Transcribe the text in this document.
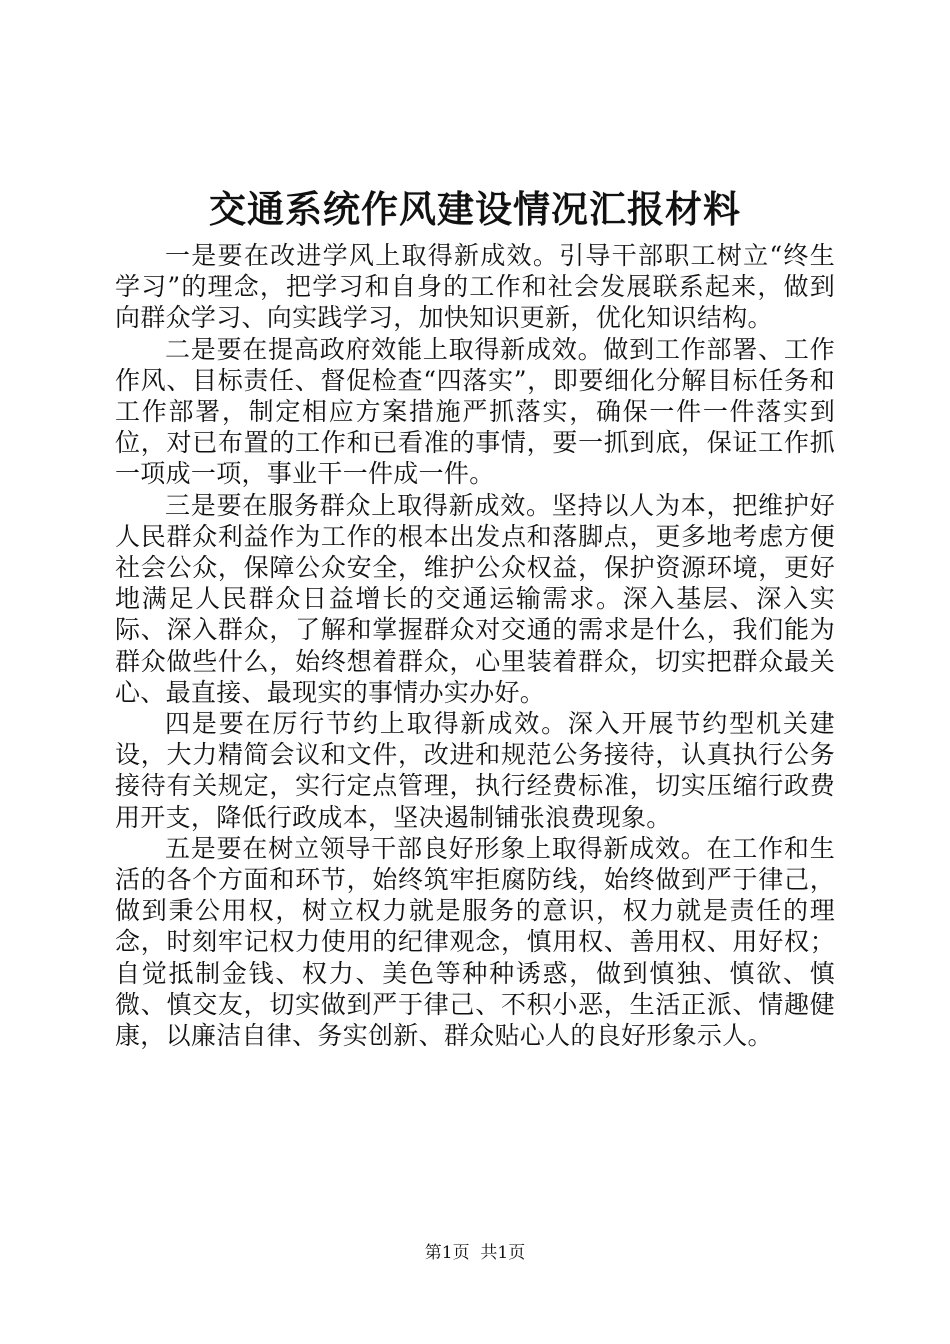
交通系统作风建设情况汇报材料

一是要在改进学风上取得新成效。引导干部职工树立“终生学习”的理念，把学习和自身的工作和社会发展联系起来，做到向群众学习、向实践学习，加快知识更新，优化知识结构。

二是要在提高政府效能上取得新成效。做到工作部署、工作作风、目标责任、督促检查“四落实”，即要细化分解目标任务和工作部署，制定相应方案措施严抓落实，确保一件一件落实到位，对已布置的工作和已看准的事情，要一抓到底，保证工作抓一项成一项，事业干一件成一件。

三是要在服务群众上取得新成效。坚持以人为本，把维护好人民群众利益作为工作的根本出发点和落脚点，更多地考虑方便社会公众，保障公众安全，维护公众权益，保护资源环境，更好地满足人民群众日益增长的交通运输需求。深入基层、深入实际、深入群众，了解和掌握群众对交通的需求是什么，我们能为群众做些什么，始终想着群众，心里装着群众，切实把群众最关心、最直接、最现实的事情办实办好。

四是要在厉行节约上取得新成效。深入开展节约型机关建设，大力精简会议和文件，改进和规范公务接待，认真执行公务接待有关规定，实行定点管理，执行经费标准，切实压缩行政费用开支，降低行政成本，坚决遏制铺张浪费现象。

五是要在树立领导干部良好形象上取得新成效。在工作和生活的各个方面和环节，始终筑牢拒腐防线，始终做到严于律己，做到秉公用权，树立权力就是服务的意识，权力就是责任的理念，时刻牢记权力使用的纪律观念，慎用权、善用权、用好权；自觉抵制金钱、权力、美色等种种诱惑，做到慎独、慎欲、慎微、慎交友，切实做到严于律己、不积小恶，生活正派、情趣健康，以廉洁自律、务实创新、群众贴心人的良好形象示人。

第1页 共1页
